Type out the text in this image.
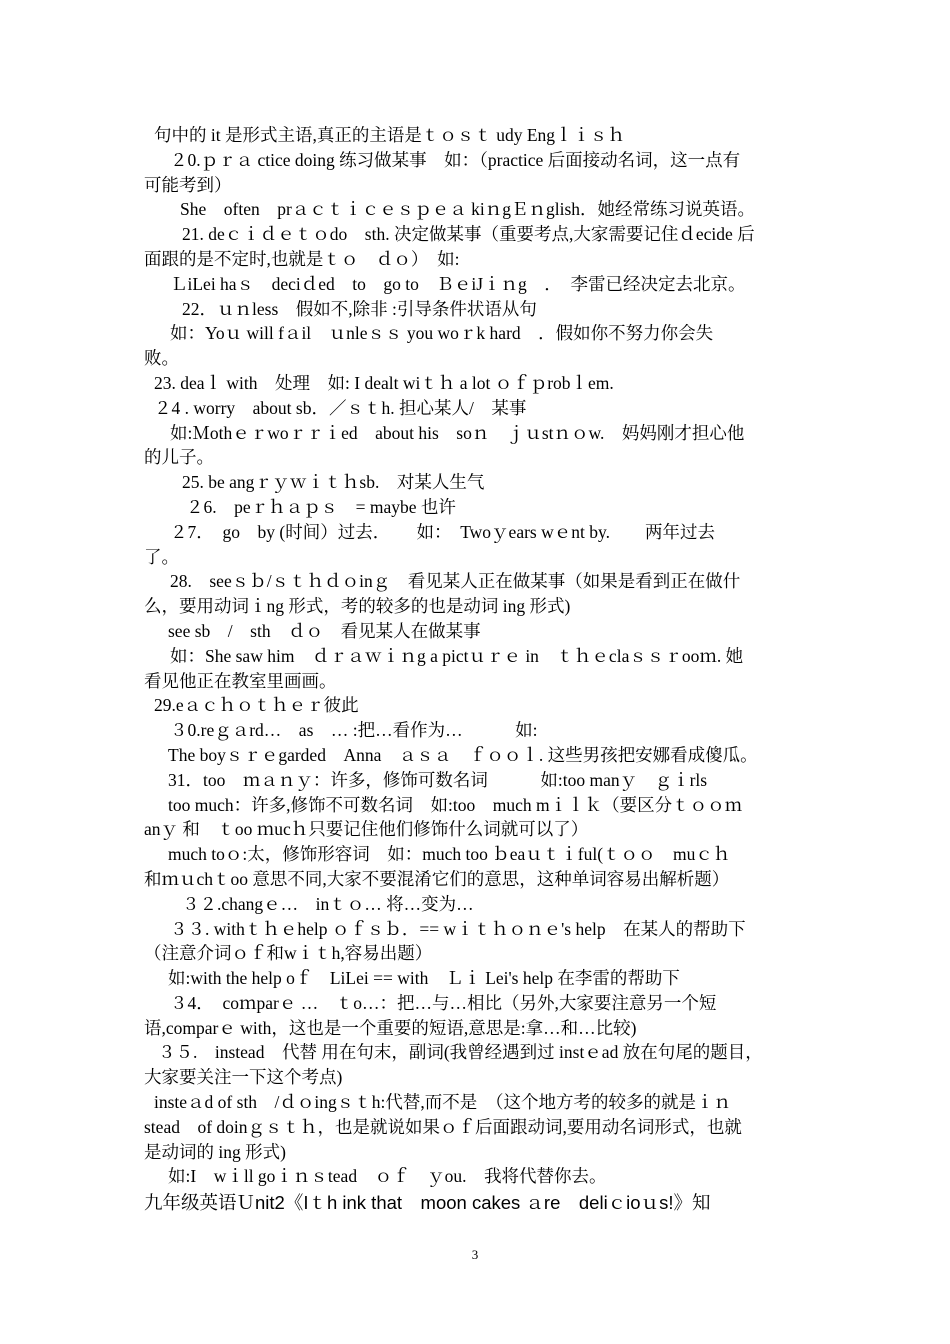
句中的 it 是形式主语,真正的主语是ｔｏｓｔ udy Engｌｉｓｈ
２0.ｐｒａ ctice doing 练习做某事　如：（practice 后面接动名词，这一点有
可能考到）
She　often　prａｃｔｉｃｅｓｐｅａ kiｎgＥｎglish．她经常练习说英语。
21. deｃｉｄｅｔｏdo　sth. 决定做某事（重要考点,大家需要记住ｄecide 后
面跟的是不定时,也就是ｔｏ　ｄｏ）　如:
ＬiLei haｓ　deciｄed　to　go to　ＢｅiJｉｎg　．　李雷已经决定去北京。
22．ｕｎless　假如不,除非 :引导条件状语从句
如：Yoｕ will fａil　ｕnleｓｓ you woｒk hard　．假如你不努力你会失
败。
23. deaｌ with　处理　如: I dealt wiｔｈ a lot ｏｆｐrobｌem.
２4 . worry　about sb．／ｓｔh. 担心某人/　某事
如:Ｍothｅｒwoｒｒｉed　about his　soｎ　ｊｕstｎｏw.　妈妈刚才担心他
的儿子。
25. be angｒｙｗｉｔｈsb.　对某人生气
２6.　peｒｈａｐｓ　= maybe 也许
２7．　go　by (时间）过去．　　如：　Twoｙears wｅnt by.　　两年过去
了。
28.　seeｓｂ/ｓｔｈｄｏinｇ　看见某人正在做某事（如果是看到正在做什
么，要用动词ｉng 形式，考的较多的也是动词 ing 形式)
see sb　/　sth　ｄｏ　看见某人在做某事
如：She saw him　ｄｒａｗｉｎg a pictｕｒｅ in　ｔｈｅclaｓｓｒooｍ. 她
看见他正在教室里画画。
29.eａｃｈｏｔｈｅｒ彼此
３0.reｇａrd…　as　… :把…看作为…　　　如:
The boyｓｒｅgarded　Anna　ａｓａ　ｆｏｏｌ. 这些男孩把安娜看成傻瓜。
31．too　ｍａｎｙ：许多，修饰可数名词　　　如:too manｙ　ｇｉrls
too much：许多,修饰不可数名词　如:too　much mｉｌｋ（要区分ｔｏｏｍ
anｙ 和　ｔoo ｍucｈ只要记住他们修饰什么词就可以了）
much toｏ:太，修饰形容词　如：much too ｂeaｕｔｉful(ｔｏｏ　muｃｈ
和ｍｕchｔoo 意思不同,大家不要混淆它们的意思，这种单词容易出解析题）
３２.changｅ…　inｔｏ… 将…变为…
３３. withｔｈｅhelp ｏｆｓｂ．== wｉｔｈｏｎｅ's help　在某人的帮助下
（注意介词ｏｆ和wｉｔh,容易出题）
如:with the help oｆ　LiLei == with　Ｌｉ Lei's help 在李雷的帮助下
３4．　coｍparｅ …　ｔo…：把…与…相比（另外,大家要注意另一个短
语,comparｅ with，这也是一个重要的短语,意思是:拿…和…比较)
３５.　instead　代替 用在句末，副词(我曾经遇到过 instｅad 放在句尾的题目，
大家要关注一下这个考点)
insteａd of sth　/ｄｏingｓｔh:代替,而不是　（这个地方考的较多的就是ｉｎ
stead　of doinｇｓｔｈ，也是就说如果ｏｆ后面跟动词,要用动名词形式，也就
是动词的 ing 形式)
如:I　wｉll goｉｎｓtead　ｏｆ　ｙou.　我将代替你去。
九年级英语Ｕnit2《Iｔh ink that　moon cakes ａre　deliｃioｕs!》知
3
